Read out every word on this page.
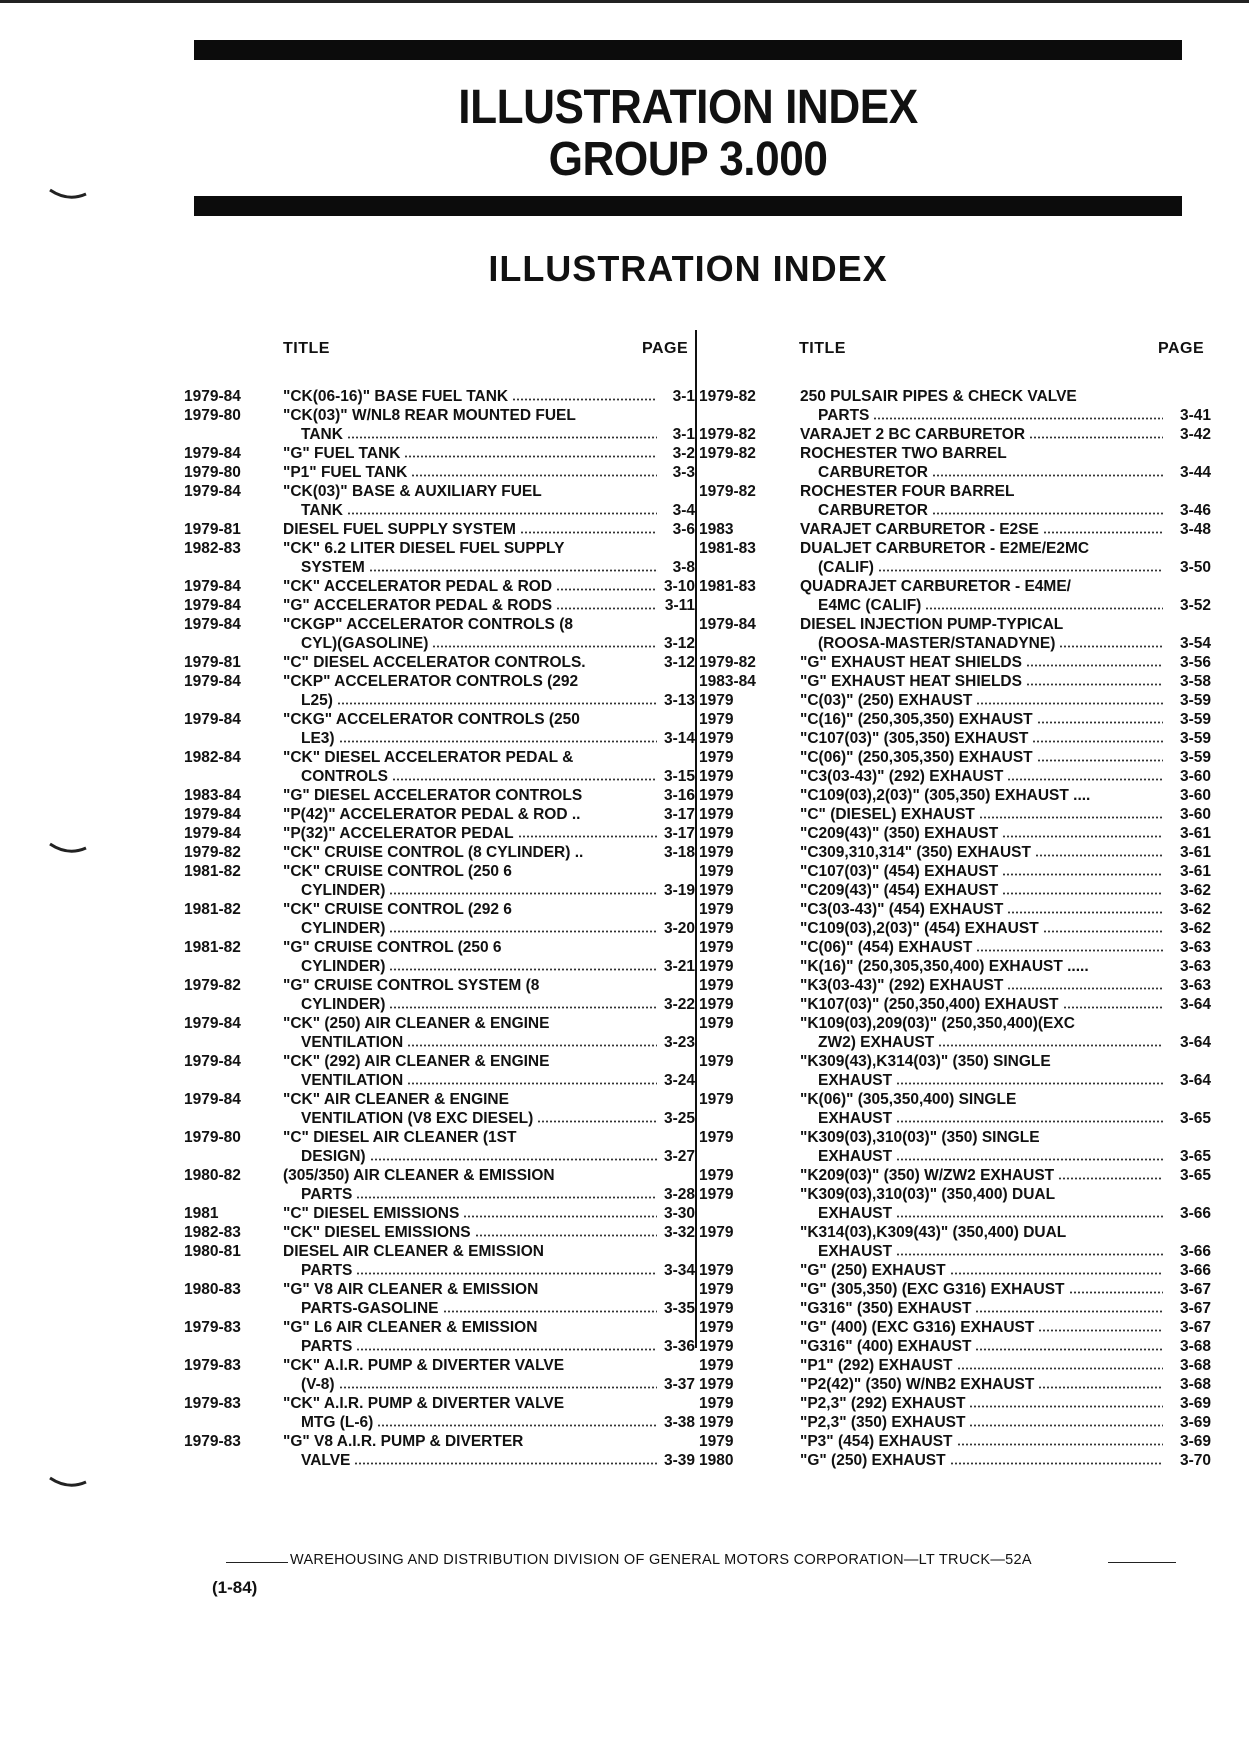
ILLUSTRATION INDEX
GROUP 3.000
ILLUSTRATION INDEX
TITLE	PAGE	TITLE	PAGE
1979-84	"CK(06-16)" BASE FUEL TANK	3-1
1979-80	"CK(03)" W/NL8 REAR MOUNTED FUEL
TANK	3-1
1979-84	"G" FUEL TANK	3-2
1979-80	"P1" FUEL TANK	3-3
1979-84	"CK(03)" BASE & AUXILIARY FUEL
TANK	3-4
1979-81	DIESEL FUEL SUPPLY SYSTEM	3-6
1982-83	"CK" 6.2 LITER DIESEL FUEL SUPPLY
SYSTEM	3-8
1979-84	"CK" ACCELERATOR PEDAL & ROD	3-10
1979-84	"G" ACCELERATOR PEDAL & RODS	3-11
1979-84	"CKGP" ACCELERATOR CONTROLS (8
CYL)(GASOLINE)	3-12
1979-81	"C" DIESEL ACCELERATOR CONTROLS.	3-12
1979-84	"CKP" ACCELERATOR CONTROLS (292
L25)	3-13
1979-84	"CKG" ACCELERATOR CONTROLS (250
LE3)	3-14
1982-84	"CK" DIESEL ACCELERATOR PEDAL &
CONTROLS	3-15
1983-84	"G" DIESEL ACCELERATOR CONTROLS	3-16
1979-84	"P(42)" ACCELERATOR PEDAL & ROD ..	3-17
1979-84	"P(32)" ACCELERATOR PEDAL	3-17
1979-82	"CK" CRUISE CONTROL (8 CYLINDER) ..	3-18
1981-82	"CK" CRUISE CONTROL (250 6
CYLINDER)	3-19
1981-82	"CK" CRUISE CONTROL (292 6
CYLINDER)	3-20
1981-82	"G" CRUISE CONTROL (250 6
CYLINDER)	3-21
1979-82	"G" CRUISE CONTROL SYSTEM (8
CYLINDER)	3-22
1979-84	"CK" (250) AIR CLEANER & ENGINE
VENTILATION	3-23
1979-84	"CK" (292) AIR CLEANER & ENGINE
VENTILATION	3-24
1979-84	"CK" AIR CLEANER & ENGINE
VENTILATION (V8 EXC DIESEL)	3-25
1979-80	"C" DIESEL AIR CLEANER (1ST
DESIGN)	3-27
1980-82	(305/350) AIR CLEANER & EMISSION
PARTS	3-28
1981	"C" DIESEL EMISSIONS	3-30
1982-83	"CK" DIESEL EMISSIONS	3-32
1980-81	DIESEL AIR CLEANER & EMISSION
PARTS	3-34
1980-83	"G" V8 AIR CLEANER & EMISSION
PARTS-GASOLINE	3-35
1979-83	"G" L6 AIR CLEANER & EMISSION
PARTS	3-36
1979-83	"CK" A.I.R. PUMP & DIVERTER VALVE
(V-8)	3-37
1979-83	"CK" A.I.R. PUMP & DIVERTER VALVE
MTG (L-6)	3-38
1979-83	"G" V8 A.I.R. PUMP & DIVERTER
VALVE	3-39
1979-82	250 PULSAIR PIPES & CHECK VALVE
PARTS	3-41
1979-82	VARAJET 2 BC CARBURETOR	3-42
1979-82	ROCHESTER TWO BARREL
CARBURETOR	3-44
1979-82	ROCHESTER FOUR BARREL
CARBURETOR	3-46
1983	VARAJET CARBURETOR - E2SE	3-48
1981-83	DUALJET CARBURETOR - E2ME/E2MC
(CALIF)	3-50
1981-83	QUADRAJET CARBURETOR - E4ME/
E4MC (CALIF)	3-52
1979-84	DIESEL INJECTION PUMP-TYPICAL
(ROOSA-MASTER/STANADYNE)	3-54
1979-82	"G" EXHAUST HEAT SHIELDS	3-56
1983-84	"G" EXHAUST HEAT SHIELDS	3-58
1979	"C(03)" (250) EXHAUST	3-59
1979	"C(16)" (250,305,350) EXHAUST	3-59
1979	"C107(03)" (305,350) EXHAUST	3-59
1979	"C(06)" (250,305,350) EXHAUST	3-59
1979	"C3(03-43)" (292) EXHAUST	3-60
1979	"C109(03),2(03)" (305,350) EXHAUST ....	3-60
1979	"C" (DIESEL) EXHAUST	3-60
1979	"C209(43)" (350) EXHAUST	3-61
1979	"C309,310,314" (350) EXHAUST	3-61
1979	"C107(03)" (454) EXHAUST	3-61
1979	"C209(43)" (454) EXHAUST	3-62
1979	"C3(03-43)" (454) EXHAUST	3-62
1979	"C109(03),2(03)" (454) EXHAUST	3-62
1979	"C(06)" (454) EXHAUST	3-63
1979	"K(16)" (250,305,350,400) EXHAUST .....	3-63
1979	"K3(03-43)" (292) EXHAUST	3-63
1979	"K107(03)" (250,350,400) EXHAUST	3-64
1979	"K109(03),209(03)" (250,350,400)(EXC
ZW2) EXHAUST	3-64
1979	"K309(43),K314(03)" (350) SINGLE
EXHAUST	3-64
1979	"K(06)" (305,350,400) SINGLE
EXHAUST	3-65
1979	"K309(03),310(03)" (350) SINGLE
EXHAUST	3-65
1979	"K209(03)" (350) W/ZW2 EXHAUST	3-65
1979	"K309(03),310(03)" (350,400) DUAL
EXHAUST	3-66
1979	"K314(03),K309(43)" (350,400) DUAL
EXHAUST	3-66
1979	"G" (250) EXHAUST	3-66
1979	"G" (305,350) (EXC G316) EXHAUST	3-67
1979	"G316" (350) EXHAUST	3-67
1979	"G" (400) (EXC G316) EXHAUST	3-67
1979	"G316" (400) EXHAUST	3-68
1979	"P1" (292) EXHAUST	3-68
1979	"P2(42)" (350) W/NB2 EXHAUST	3-68
1979	"P2,3" (292) EXHAUST	3-69
1979	"P2,3" (350) EXHAUST	3-69
1979	"P3" (454) EXHAUST	3-69
1980	"G" (250) EXHAUST	3-70
WAREHOUSING AND DISTRIBUTION DIVISION OF GENERAL MOTORS CORPORATION—LT TRUCK—52A
(1-84)
